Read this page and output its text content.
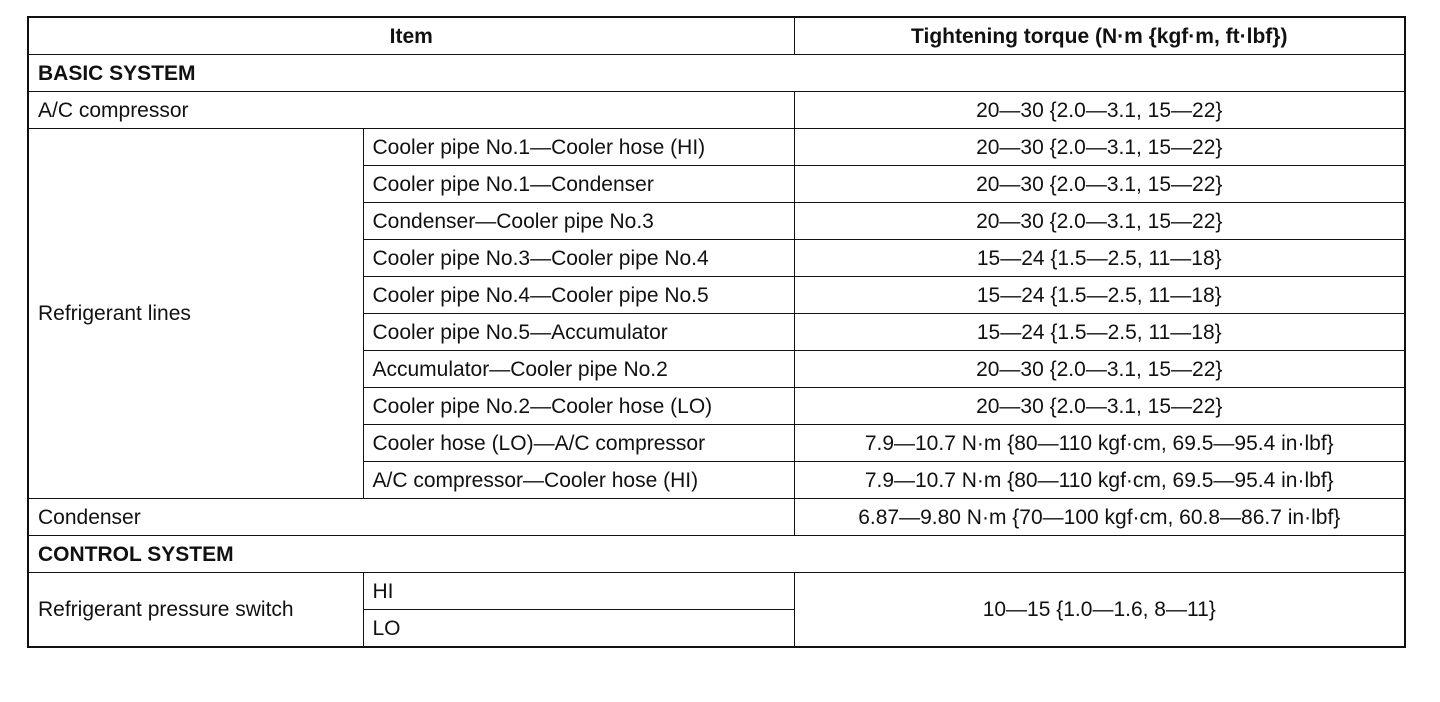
Item		Tightening torque (N·m {kgf·m, ft·lbf})
BASIC SYSTEM		
A/C compressor		20—30 {2.0—3.1, 15—22}
Refrigerant lines	Cooler pipe No.1—Cooler hose (HI)	20—30 {2.0—3.1, 15—22}
	Cooler pipe No.1—Condenser	20—30 {2.0—3.1, 15—22}
	Condenser—Cooler pipe No.3	20—30 {2.0—3.1, 15—22}
	Cooler pipe No.3—Cooler pipe No.4	15—24 {1.5—2.5, 11—18}
	Cooler pipe No.4—Cooler pipe No.5	15—24 {1.5—2.5, 11—18}
	Cooler pipe No.5—Accumulator	15—24 {1.5—2.5, 11—18}
	Accumulator—Cooler pipe No.2	20—30 {2.0—3.1, 15—22}
	Cooler pipe No.2—Cooler hose (LO)	20—30 {2.0—3.1, 15—22}
	Cooler hose (LO)—A/C compressor	7.9—10.7 N·m {80—110 kgf·cm, 69.5—95.4 in·lbf}
	A/C compressor—Cooler hose (HI)	7.9—10.7 N·m {80—110 kgf·cm, 69.5—95.4 in·lbf}
Condenser		6.87—9.80 N·m {70—100 kgf·cm, 60.8—86.7 in·lbf}
CONTROL SYSTEM		
Refrigerant pressure switch	HI	10—15 {1.0—1.6, 8—11}
	LO	
